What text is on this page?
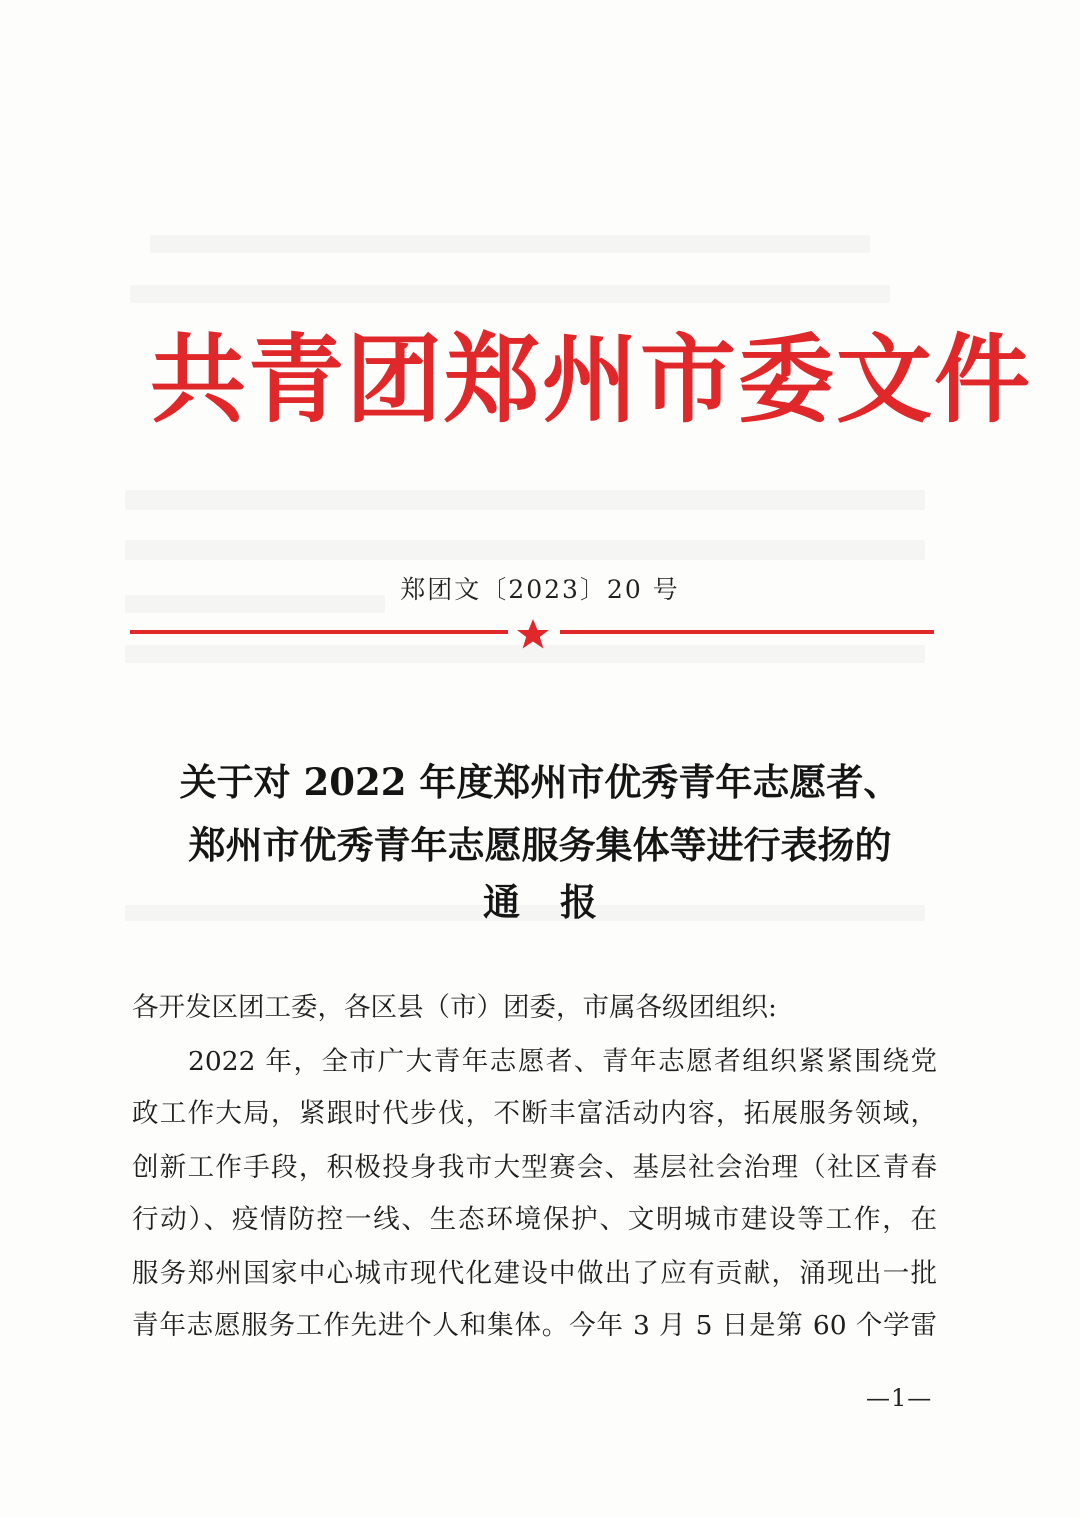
共青团郑州市委文件
郑团文〔2023〕20 号
关于对 2022 年度郑州市优秀青年志愿者、
郑州市优秀青年志愿服务集体等进行表扬的
通报
各开发区团工委，各区县（市）团委，市属各级团组织:
2022 年，全市广大青年志愿者、青年志愿者组织紧紧围绕党
政工作大局，紧跟时代步伐，不断丰富活动内容，拓展服务领域，
创新工作手段，积极投身我市大型赛会、基层社会治理（社区青春
行动）、疫情防控一线、生态环境保护、文明城市建设等工作，在
服务郑州国家中心城市现代化建设中做出了应有贡献，涌现出一批
青年志愿服务工作先进个人和集体。今年 3 月 5 日是第 60 个学雷
—1—
